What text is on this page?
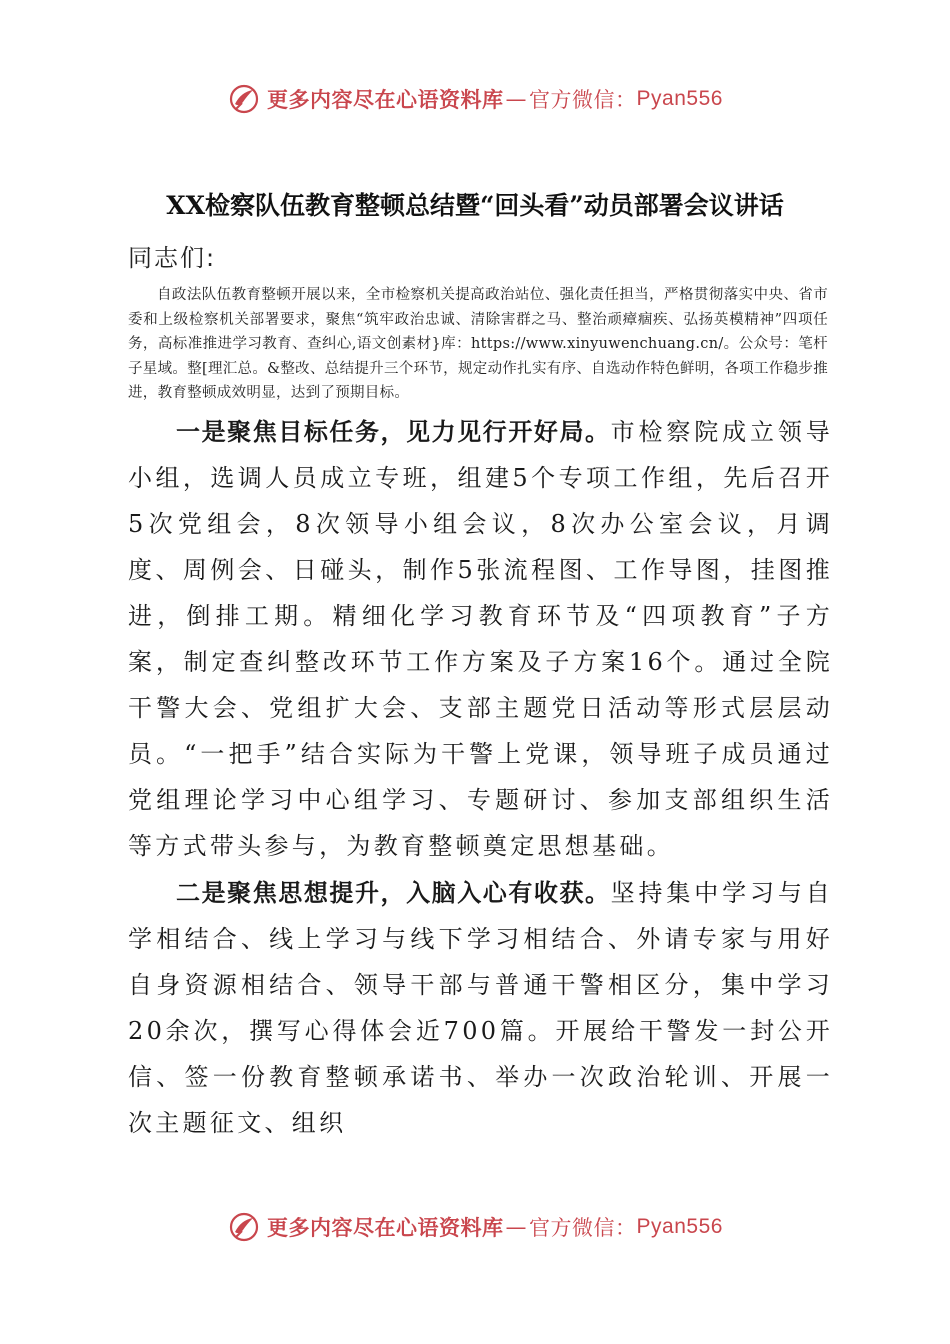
更多内容尽在心语资料库 — 官方微信： Pyan556
XX检察队伍教育整顿总结暨“回头看”动员部署会议讲话
同志们:
自政法队伍教育整顿开展以来，全市检察机关提高政治站位、强化责任担当，严格贯彻落实中央、省市委和上级检察机关部署要求，聚焦“筑牢政治忠诚、清除害群之马、整治顽瘴痼疾、弘扬英模精神”四项任务，高标准推进学习教育、查纠心,语文创素材}库：https://www.xinyuwenchuang.cn/。公众号：笔杆子星域。整[理汇总。&整改、总结提升三个环节，规定动作扎实有序、自选动作特色鲜明，各项工作稳步推进，教育整顿成效明显，达到了预期目标。
一是聚焦目标任务，见力见行开好局。市检察院成立领导小组，选调人员成立专班，组建5个专项工作组，先后召开5次党组会，8次领导小组会议，8次办公室会议，月调度、周例会、日碰头，制作5张流程图、工作导图，挂图推进，倒排工期。精细化学习教育环节及“四项教育”子方案，制定查纠整改环节工作方案及子方案16个。通过全院干警大会、党组扩大会、支部主题党日活动等形式层层动员。“一把手”结合实际为干警上党课，领导班子成员通过党组理论学习中心组学习、专题研讨、参加支部组织生活等方式带头参与，为教育整顿奠定思想基础。
二是聚焦思想提升，入脑入心有收获。坚持集中学习与自学相结合、线上学习与线下学习相结合、外请专家与用好自身资源相结合、领导干部与普通干警相区分，集中学习20余次，撰写心得体会近700篇。开展给干警发一封公开信、签一份教育整顿承诺书、举办一次政治轮训、开展一次主题征文、组织
更多内容尽在心语资料库 — 官方微信： Pyan556
